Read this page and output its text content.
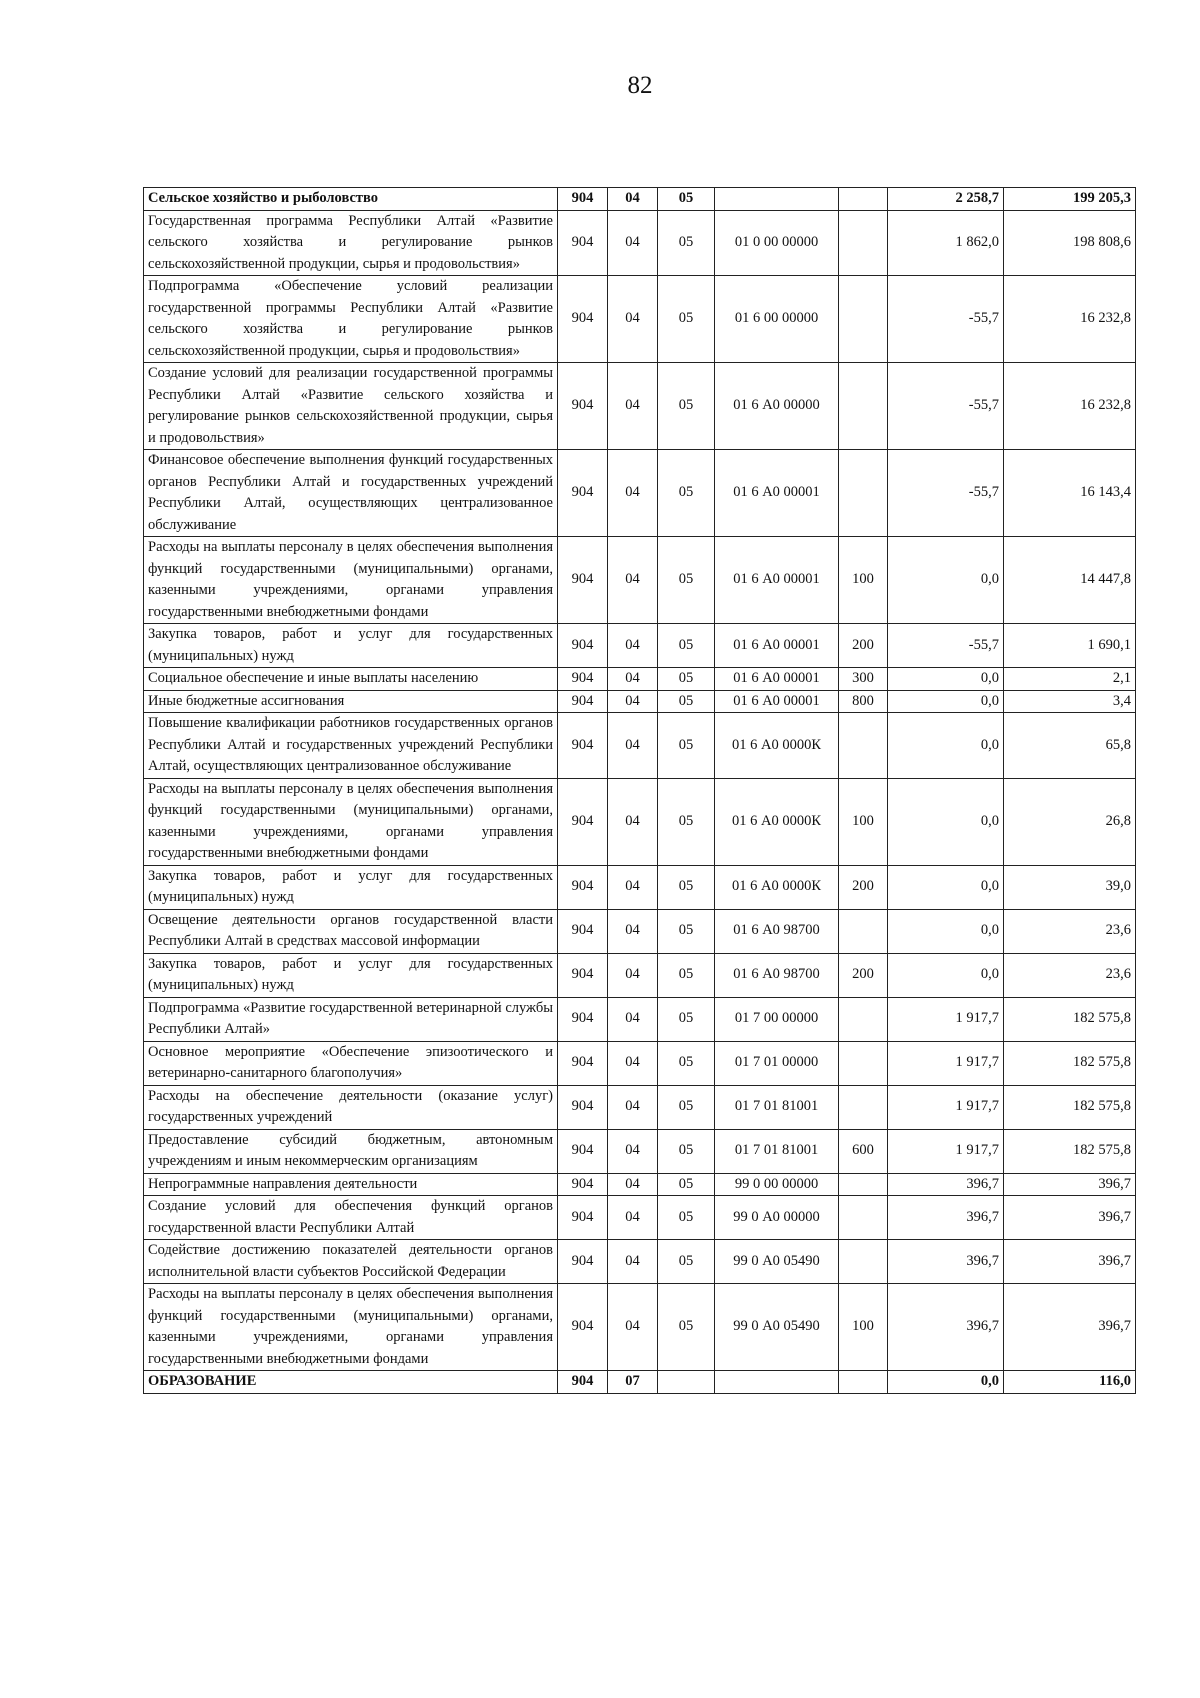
82
Сельское хозяйство и рыболовство	904	04	05			2 258,7	199 205,3
Государственная программа Республики Алтай «Развитие сельского хозяйства и регулирование рынков сельскохозяйственной продукции, сырья и продовольствия»	904	04	05	01 0 00 00000		1 862,0	198 808,6
Подпрограмма «Обеспечение условий реализации государственной программы Республики Алтай «Развитие сельского хозяйства и регулирование рынков сельскохозяйственной продукции, сырья и продовольствия»	904	04	05	01 6 00 00000		-55,7	16 232,8
Создание условий для реализации государственной программы Республики Алтай «Развитие сельского хозяйства и регулирование рынков сельскохозяйственной продукции, сырья и продовольствия»	904	04	05	01 6 А0 00000		-55,7	16 232,8
Финансовое обеспечение выполнения функций государственных органов Республики Алтай и государственных учреждений Республики Алтай, осуществляющих централизованное обслуживание	904	04	05	01 6 А0 00001		-55,7	16 143,4
Расходы на выплаты персоналу в целях обеспечения выполнения функций государственными (муниципальными) органами, казенными учреждениями, органами управления государственными внебюджетными фондами	904	04	05	01 6 А0 00001	100	0,0	14 447,8
Закупка товаров, работ и услуг для государственных (муниципальных) нужд	904	04	05	01 6 А0 00001	200	-55,7	1 690,1
Социальное обеспечение и иные выплаты населению	904	04	05	01 6 А0 00001	300	0,0	2,1
Иные бюджетные ассигнования	904	04	05	01 6 А0 00001	800	0,0	3,4
Повышение квалификации работников государственных органов Республики Алтай и государственных учреждений Республики Алтай, осуществляющих централизованное обслуживание	904	04	05	01 6 А0 0000К		0,0	65,8
Расходы на выплаты персоналу в целях обеспечения выполнения функций государственными (муниципальными) органами, казенными учреждениями, органами управления государственными внебюджетными фондами	904	04	05	01 6 А0 0000К	100	0,0	26,8
Закупка товаров, работ и услуг для государственных (муниципальных) нужд	904	04	05	01 6 А0 0000К	200	0,0	39,0
Освещение деятельности органов государственной власти Республики Алтай в средствах массовой информации	904	04	05	01 6 А0 98700		0,0	23,6
Закупка товаров, работ и услуг для государственных (муниципальных) нужд	904	04	05	01 6 А0 98700	200	0,0	23,6
Подпрограмма «Развитие государственной ветеринарной службы Республики Алтай»	904	04	05	01 7 00 00000		1 917,7	182 575,8
Основное мероприятие «Обеспечение эпизоотического и ветеринарно-санитарного благополучия»	904	04	05	01 7 01 00000		1 917,7	182 575,8
Расходы на обеспечение деятельности (оказание услуг) государственных учреждений	904	04	05	01 7 01 81001		1 917,7	182 575,8
Предоставление субсидий бюджетным, автономным учреждениям и иным некоммерческим организациям	904	04	05	01 7 01 81001	600	1 917,7	182 575,8
Непрограммные направления деятельности	904	04	05	99 0 00 00000		396,7	396,7
Создание условий для обеспечения функций органов государственной власти Республики Алтай	904	04	05	99 0 А0 00000		396,7	396,7
Содействие достижению показателей деятельности органов исполнительной власти субъектов Российской Федерации	904	04	05	99 0 А0 05490		396,7	396,7
Расходы на выплаты персоналу в целях обеспечения выполнения функций государственными (муниципальными) органами, казенными учреждениями, органами управления государственными внебюджетными фондами	904	04	05	99 0 А0 05490	100	396,7	396,7
ОБРАЗОВАНИЕ	904	07				0,0	116,0
